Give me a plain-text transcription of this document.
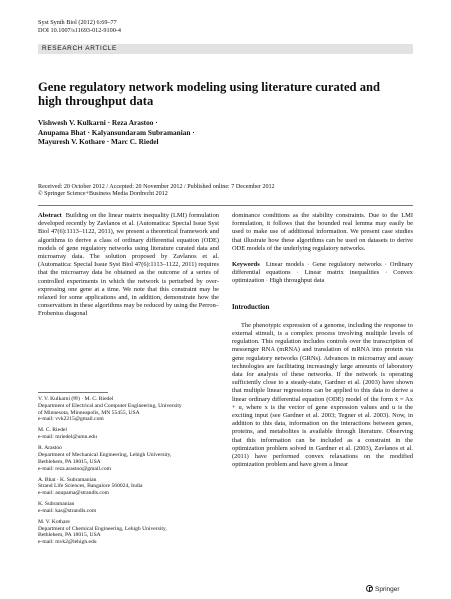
Syst Synth Biol (2012) 6:69–77
DOI 10.1007/s11693-012-9100-4
RESEARCH ARTICLE
Gene regulatory network modeling using literature curated and high throughput data
Vishwesh V. Kulkarni · Reza Arastoo ·
Anupama Bhat · Kalyansundaram Subramanian ·
Mayuresh V. Kothare · Marc C. Riedel
Received: 20 October 2012 / Accepted: 20 November 2012 / Published online: 7 December 2012
© Springer Science+Business Media Dordrecht 2012

Abstract Building on the linear matrix inequality (LMI) formulation developed recently by Zavlanos et al. (Automatica: Special Issue Syst Biol 47(6):1113–1122, 2011), we present a theoretical framework and algorithms to derive a class of ordinary differential equation (ODE) models of gene regulatory networks using literature curated data and microarray data. The solution proposed by Zavlanos et al. (Automatica: Special Issue Syst Biol 47(6):1113–1122, 2011) requires that the microarray data be obtained as the outcome of a series of controlled experiments in which the network is perturbed by over-expressing one gene at a time. We note that this constraint may be relaxed for some applications and, in addition, demonstrate how the conservatism in these algorithms may be reduced by using the Perron–Frobenius diagonal

V. V. Kulkarni (✉) · M. C. Riedel
Department of Electrical and Computer Engineering, University
of Minnesota, Minneapolis, MN 55455, USA
e-mail: vvk2215@gmail.com
M. C. Riedel
e-mail: mriedel@umn.edu
R. Arastoo
Department of Mechanical Engineering, Lehigh University,
Bethlehem, PA 18015, USA
e-mail: reza.arastoo@gmail.com
A. Bhat · K. Subramanian
Strand Life Sciences, Bangalore 560024, India
e-mail: anupama@strandls.com
K. Subramanian
e-mail: kas@strandls.com
M. V. Kothare
Department of Chemical Engineering, Lehigh University,
Bethlehem, PA 18015, USA
e-mail: mvk2@lehigh.edu

dominance conditions as the stability constraints. Due to the LMI formulation, it follows that the bounded real lemma may easily be used to make use of additional information. We present case studies that illustrate how these algorithms can be used on datasets to derive ODE models of the underlying regulatory networks.

Keywords Linear models · Gene regulatory networks · Ordinary differential equations · Linear matrix inequalities · Convex optimization · High throughput data

Introduction

The phenotypic expression of a genome, including the response to external stimuli, is a complex process involving multiple levels of regulation. This regulation includes controls over the transcription of messenger RNA (mRNA) and translation of mRNA into protein via gene regulatory networks (GRNs). Advances in microarray and assay technologies are facilitating increasingly large amounts of laboratory data for analysis of these networks. If the network is operating sufficiently close to a steady-state, Gardner et al. (2003) have shown that multiple linear regressions can be applied to this data to derive a linear ordinary differential equation (ODE) model of the form ẋ = Ax + u, where x is the vector of gene expression values and u is the exciting input (see Gardner et al. 2003; Tegner et al. 2003). Now, in addition to this data, information on the interactions between genes, proteins, and metabolites is available through literature. Observing that this information can be included as a constraint in the optimization problem solved in Gardner et al. (2003), Zavlanos et al. (2011) have performed convex relaxations on the modified optimization problem and have given a linear

Springer
